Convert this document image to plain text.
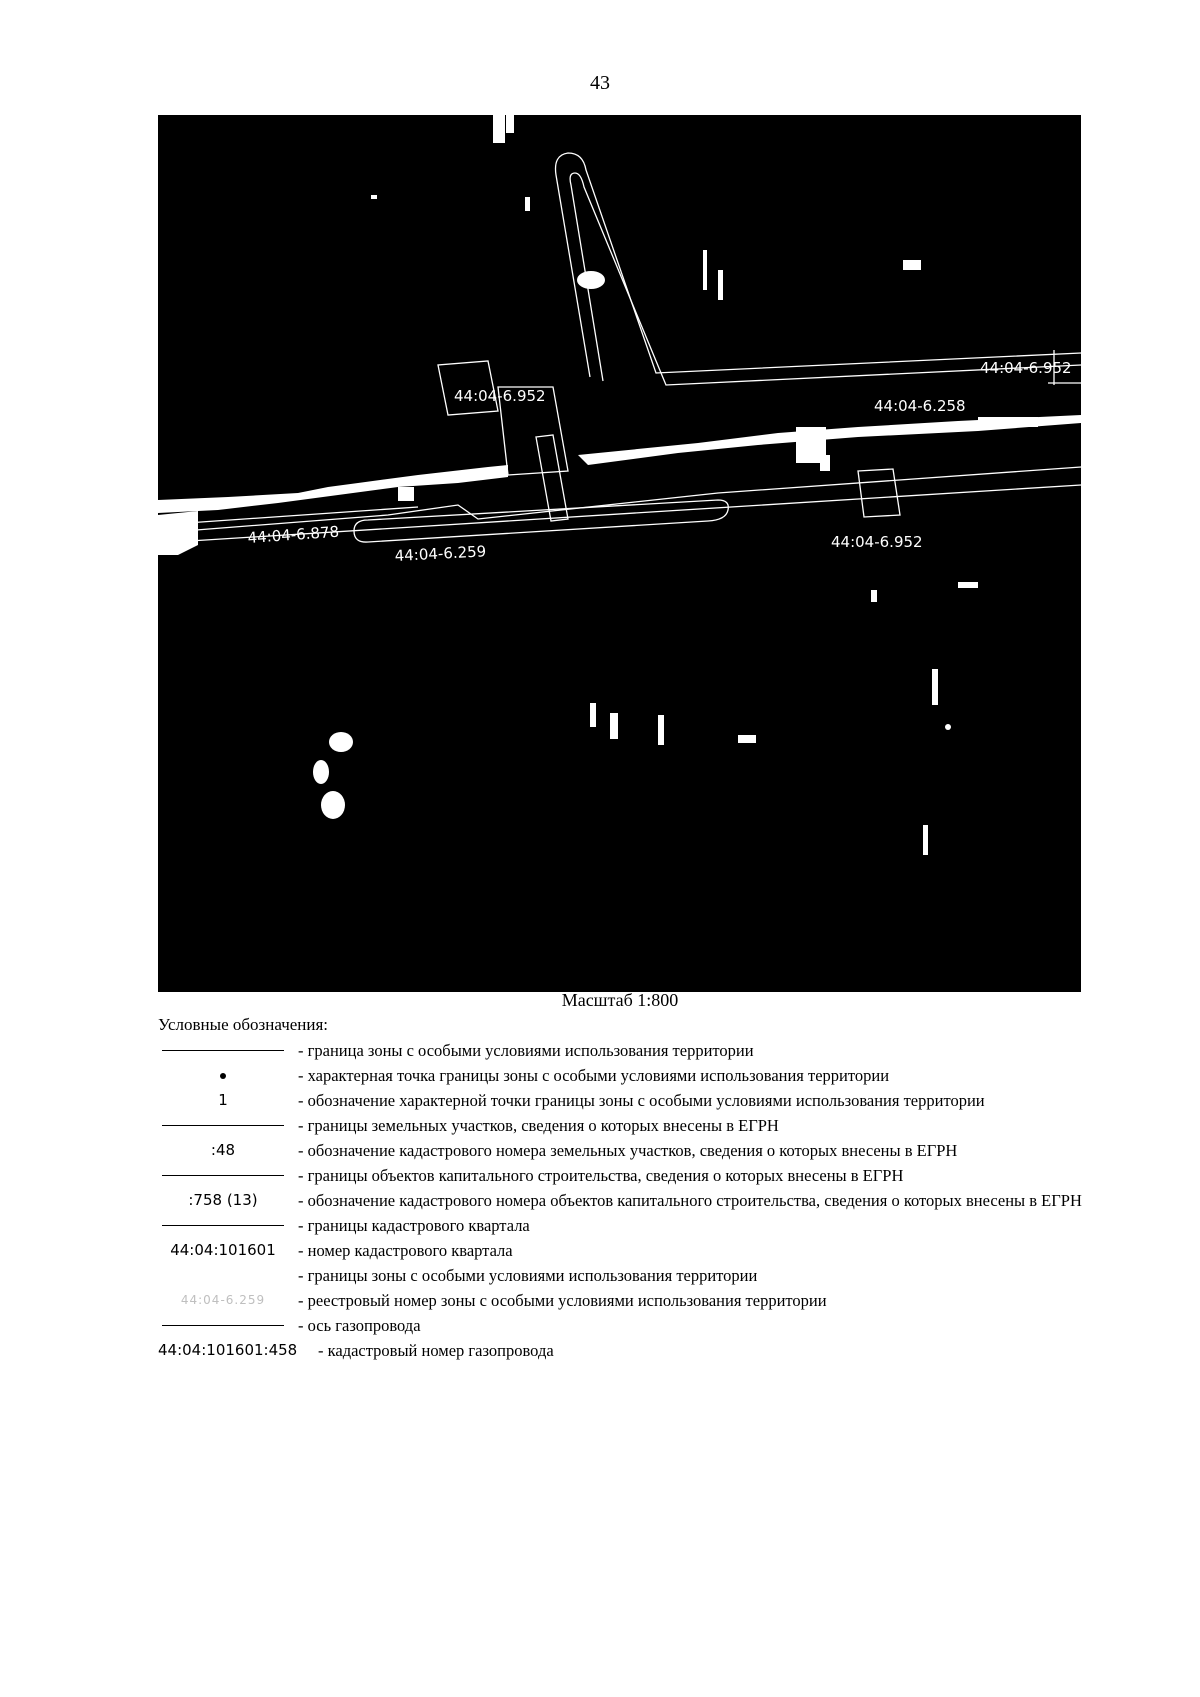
43
44:04-6.952
44:04-6.952
44:04-6.258
44:04-6.878
44:04-6.259
44:04-6.952
Масштаб 1:800
Условные обозначения:
- граница зоны с особыми условиями использования территории
- характерная точка границы зоны с особыми условиями использования территории
1	- обозначение характерной точки границы зоны с особыми условиями использования территории
- границы земельных участков, сведения о которых внесены в ЕГРН
:48	- обозначение кадастрового номера земельных участков, сведения о которых внесены в ЕГРН
- границы объектов капитального строительства, сведения о которых внесены в ЕГРН
:758 (13) - обозначение кадастрового номера объектов капитального строительства, сведения о которых внесены в ЕГРН
- границы кадастрового квартала
44:04:101601 - номер кадастрового квартала
- границы зоны с особыми условиями использования территории
44:04-6.259 - реестровый номер зоны с особыми условиями использования территории
- ось газопровода
44:04:101601:458 - кадастровый номер газопровода
